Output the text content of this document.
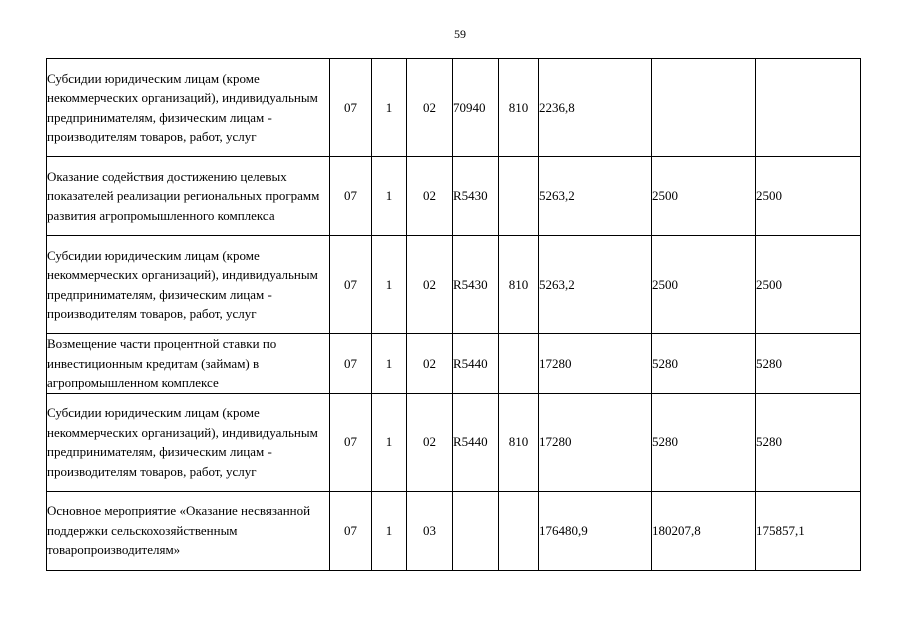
59
Субсидии юридическим лицам (кроме некоммерческих организаций), индивидуальным предпринимателям, физическим лицам - производителям товаров, работ, услуг	07	1	02	70940	810	2236,8		
Оказание содействия достижению целевых показателей реализации региональных программ развития агропромышленного комплекса	07	1	02	R5430		5263,2	2500	2500
Субсидии юридическим лицам (кроме некоммерческих организаций), индивидуальным предпринимателям, физическим лицам - производителям товаров, работ, услуг	07	1	02	R5430	810	5263,2	2500	2500
Возмещение части процентной ставки по инвестиционным кредитам (займам) в агропромышленном комплексе	07	1	02	R5440		17280	5280	5280
Субсидии юридическим лицам (кроме некоммерческих организаций), индивидуальным предпринимателям, физическим лицам - производителям товаров, работ, услуг	07	1	02	R5440	810	17280	5280	5280
Основное мероприятие «Оказание несвязанной поддержки сельскохозяйственным товаропроизводителям»	07	1	03			176480,9	180207,8	175857,1
